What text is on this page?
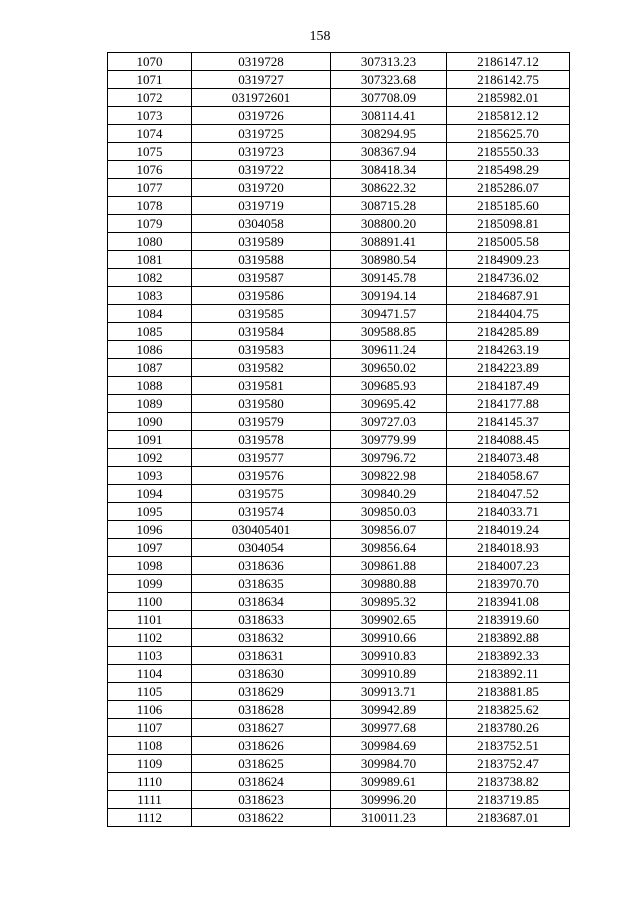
158
1070	0319728	307313.23	2186147.12
1071	0319727	307323.68	2186142.75
1072	031972601	307708.09	2185982.01
1073	0319726	308114.41	2185812.12
1074	0319725	308294.95	2185625.70
1075	0319723	308367.94	2185550.33
1076	0319722	308418.34	2185498.29
1077	0319720	308622.32	2185286.07
1078	0319719	308715.28	2185185.60
1079	0304058	308800.20	2185098.81
1080	0319589	308891.41	2185005.58
1081	0319588	308980.54	2184909.23
1082	0319587	309145.78	2184736.02
1083	0319586	309194.14	2184687.91
1084	0319585	309471.57	2184404.75
1085	0319584	309588.85	2184285.89
1086	0319583	309611.24	2184263.19
1087	0319582	309650.02	2184223.89
1088	0319581	309685.93	2184187.49
1089	0319580	309695.42	2184177.88
1090	0319579	309727.03	2184145.37
1091	0319578	309779.99	2184088.45
1092	0319577	309796.72	2184073.48
1093	0319576	309822.98	2184058.67
1094	0319575	309840.29	2184047.52
1095	0319574	309850.03	2184033.71
1096	030405401	309856.07	2184019.24
1097	0304054	309856.64	2184018.93
1098	0318636	309861.88	2184007.23
1099	0318635	309880.88	2183970.70
1100	0318634	309895.32	2183941.08
1101	0318633	309902.65	2183919.60
1102	0318632	309910.66	2183892.88
1103	0318631	309910.83	2183892.33
1104	0318630	309910.89	2183892.11
1105	0318629	309913.71	2183881.85
1106	0318628	309942.89	2183825.62
1107	0318627	309977.68	2183780.26
1108	0318626	309984.69	2183752.51
1109	0318625	309984.70	2183752.47
1110	0318624	309989.61	2183738.82
1111	0318623	309996.20	2183719.85
1112	0318622	310011.23	2183687.01
